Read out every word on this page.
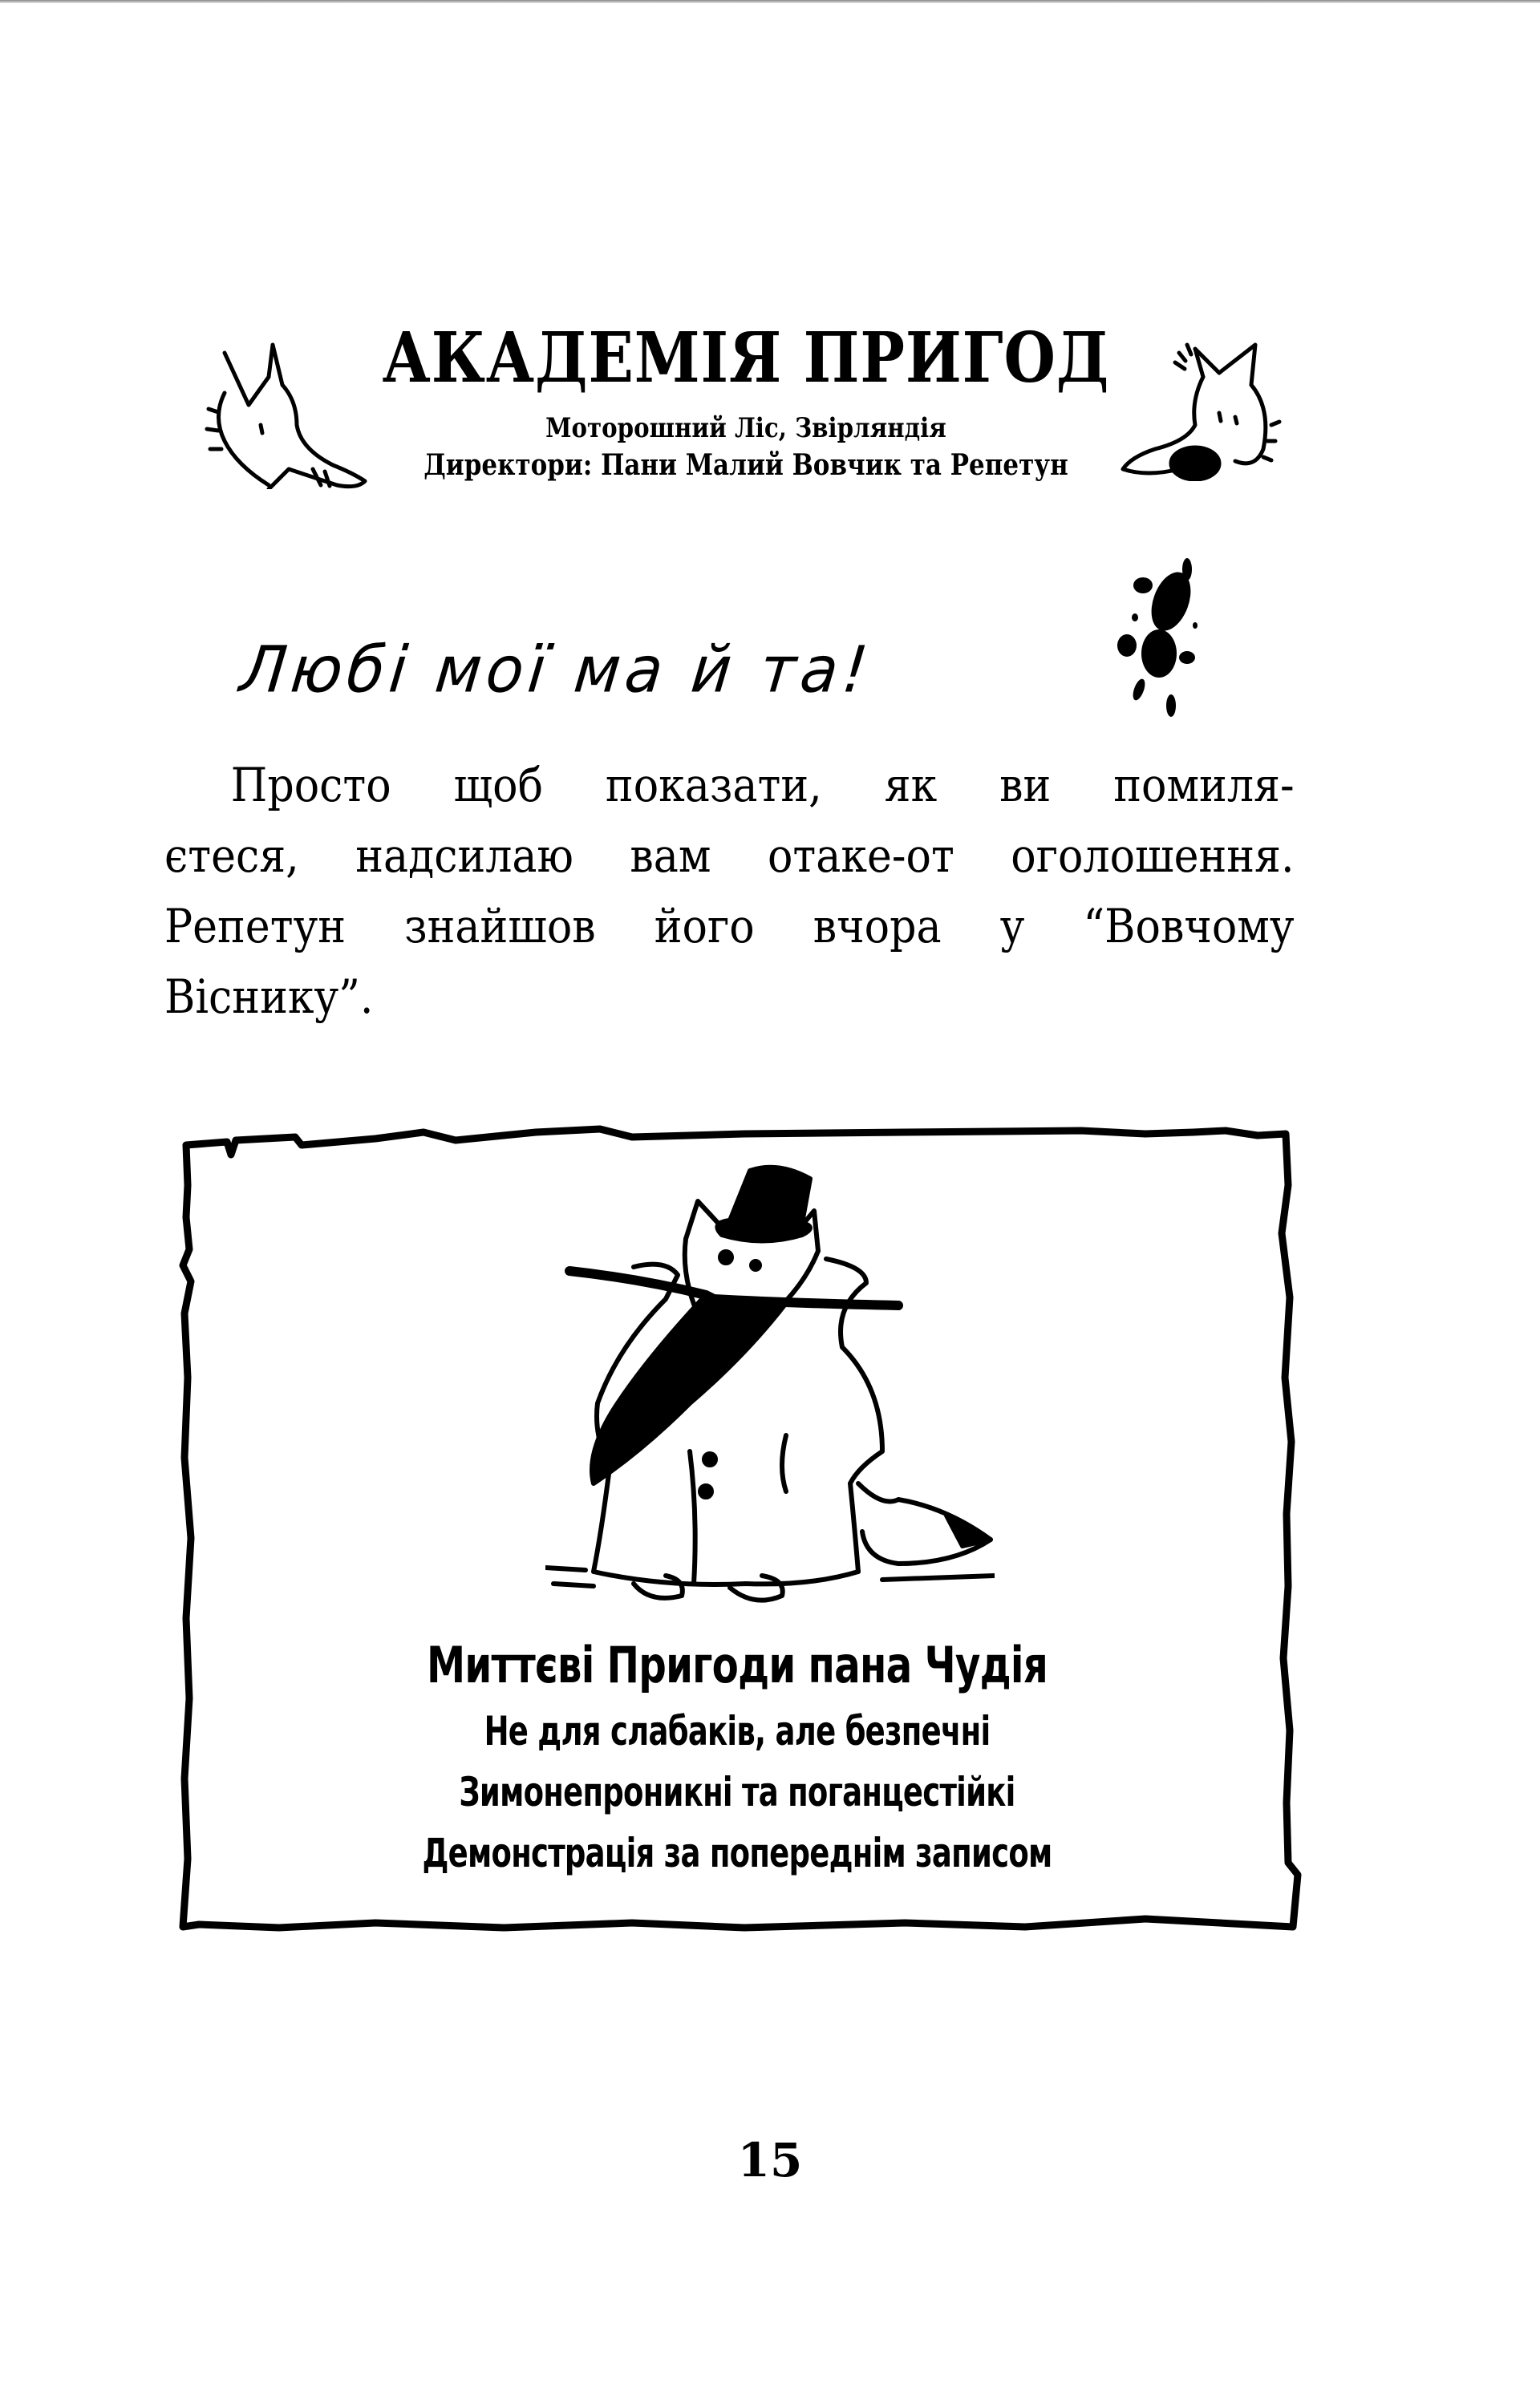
АКАДЕМІЯ ПРИГОД
Моторошний Ліс, Звірляндія
Директори: Пани Малий Вовчик та Репетун
Любі мої ма й та!
Просто щоб показати, як ви помиля-
єтеся, надсилаю вам отаке-от оголошення.
Репетун знайшов його вчора у “Вовчому
Віснику”.
Миттєві Пригоди пана Чудія
Не для слабаків, але безпечні
Зимонепроникні та поганцестійкі
Демонстрація за попереднім записом
15
